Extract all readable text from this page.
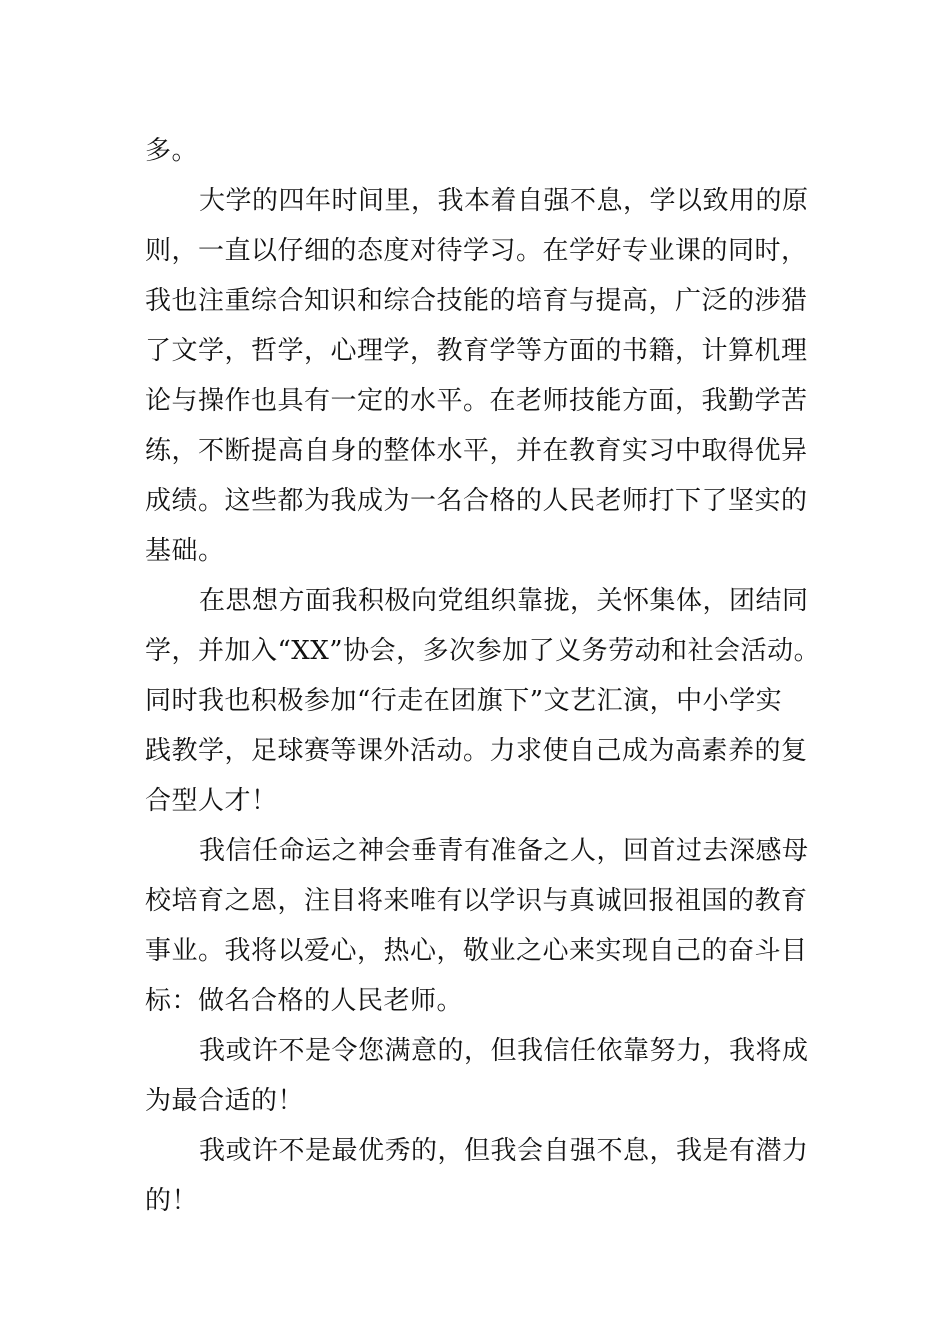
多。
大学的四年时间里，我本着自强不息，学以致用的原
则，一直以仔细的态度对待学习。在学好专业课的同时，
我也注重综合知识和综合技能的培育与提高，广泛的涉猎
了文学，哲学，心理学，教育学等方面的书籍，计算机理
论与操作也具有一定的水平。在老师技能方面，我勤学苦
练，不断提高自身的整体水平，并在教育实习中取得优异
成绩。这些都为我成为一名合格的人民老师打下了坚实的
基础。
在思想方面我积极向党组织靠拢，关怀集体，团结同
学，并加入“XX”协会，多次参加了义务劳动和社会活动。
同时我也积极参加“行走在团旗下”文艺汇演，中小学实
践教学，足球赛等课外活动。力求使自己成为高素养的复
合型人才！
我信任命运之神会垂青有准备之人，回首过去深感母
校培育之恩，注目将来唯有以学识与真诚回报祖国的教育
事业。我将以爱心，热心，敬业之心来实现自己的奋斗目
标：做名合格的人民老师。
我或许不是令您满意的，但我信任依靠努力，我将成
为最合适的！
我或许不是最优秀的，但我会自强不息，我是有潜力
的！
